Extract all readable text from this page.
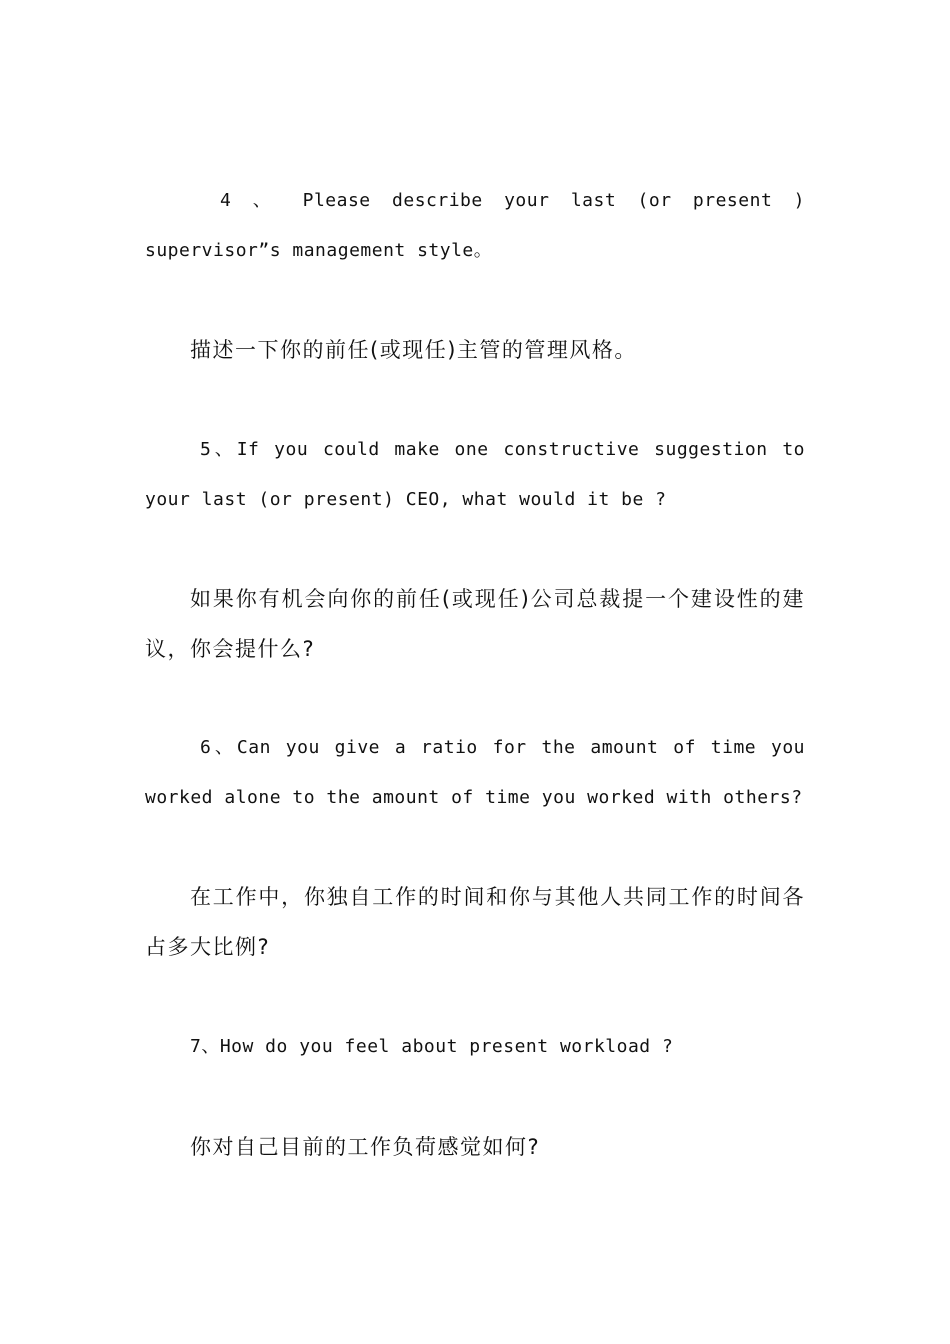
4 、 Please describe your last (or present )
supervisor”s management style。
描述一下你的前任(或现任)主管的管理风格。
5、If you could make one constructive suggestion to
your last (or present) CEO, what would it be ?
如果你有机会向你的前任(或现任)公司总裁提一个建设性的建
议，你会提什么?
6、Can you give a ratio for the amount of time you
worked alone to the amount of time you worked with others?
在工作中，你独自工作的时间和你与其他人共同工作的时间各
占多大比例?
7、How do you feel about present workload ?
你对自己目前的工作负荷感觉如何?
